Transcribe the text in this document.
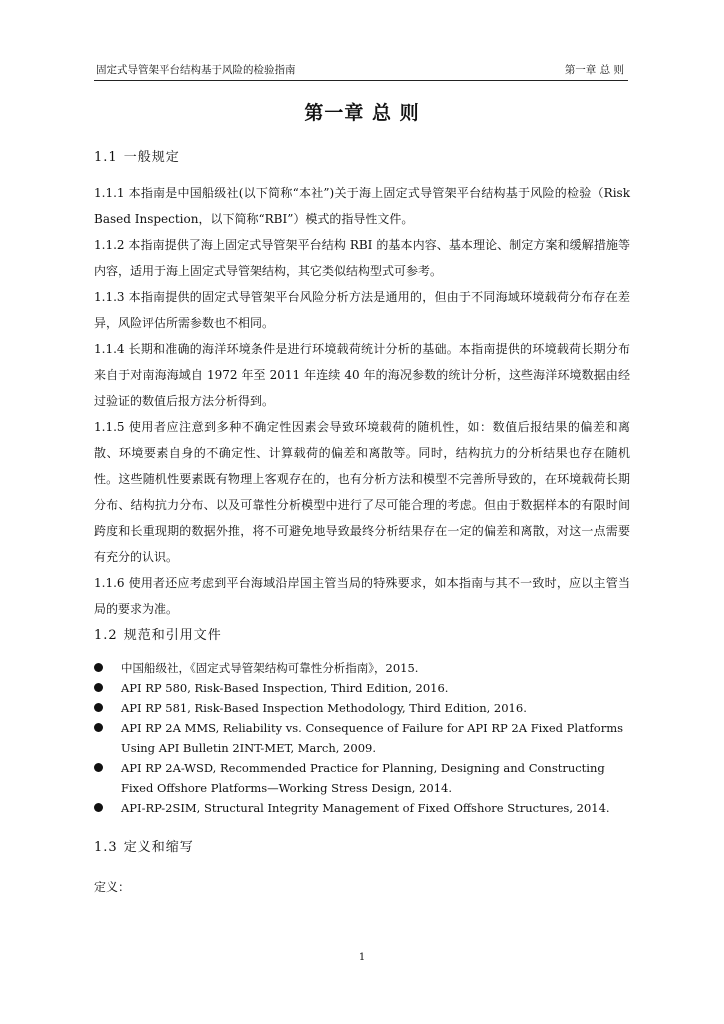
固定式导管架平台结构基于风险的检验指南	第一章 总 则
第一章 总 则
1.1 一般规定

1.1.1 本指南是中国船级社(以下简称“本社”)关于海上固定式导管架平台结构基于风险的检验（Risk Based Inspection，以下简称“RBI”）模式的指导性文件。

1.1.2 本指南提供了海上固定式导管架平台结构 RBI 的基本内容、基本理论、制定方案和缓解措施等内容，适用于海上固定式导管架结构，其它类似结构型式可参考。

1.1.3 本指南提供的固定式导管架平台风险分析方法是通用的，但由于不同海域环境载荷分布存在差异，风险评估所需参数也不相同。

1.1.4 长期和准确的海洋环境条件是进行环境载荷统计分析的基础。本指南提供的环境载荷长期分布来自于对南海海域自 1972 年至 2011 年连续 40 年的海况参数的统计分析，这些海洋环境数据由经过验证的数值后报方法分析得到。

1.1.5 使用者应注意到多种不确定性因素会导致环境载荷的随机性，如：数值后报结果的偏差和离散、环境要素自身的不确定性、计算载荷的偏差和离散等。同时，结构抗力的分析结果也存在随机性。这些随机性要素既有物理上客观存在的，也有分析方法和模型不完善所导致的，在环境载荷长期分布、结构抗力分布、以及可靠性分析模型中进行了尽可能合理的考虑。但由于数据样本的有限时间跨度和长重现期的数据外推，将不可避免地导致最终分析结果存在一定的偏差和离散，对这一点需要有充分的认识。

1.1.6 使用者还应考虑到平台海域沿岸国主管当局的特殊要求，如本指南与其不一致时，应以主管当局的要求为准。

1.2 规范和引用文件
中国船级社，《固定式导管架结构可靠性分析指南》，2015.
API RP 580, Risk-Based Inspection, Third Edition, 2016.
API RP 581, Risk-Based Inspection Methodology, Third Edition, 2016.
API RP 2A MMS, Reliability vs. Consequence of Failure for API RP 2A Fixed Platforms Using API Bulletin 2INT-MET, March, 2009.
API RP 2A-WSD, Recommended Practice for Planning, Designing and Constructing Fixed Offshore Platforms—Working Stress Design, 2014.
API-RP-2SIM, Structural Integrity Management of Fixed Offshore Structures, 2014.
1.3 定义和缩写
定义：
1
